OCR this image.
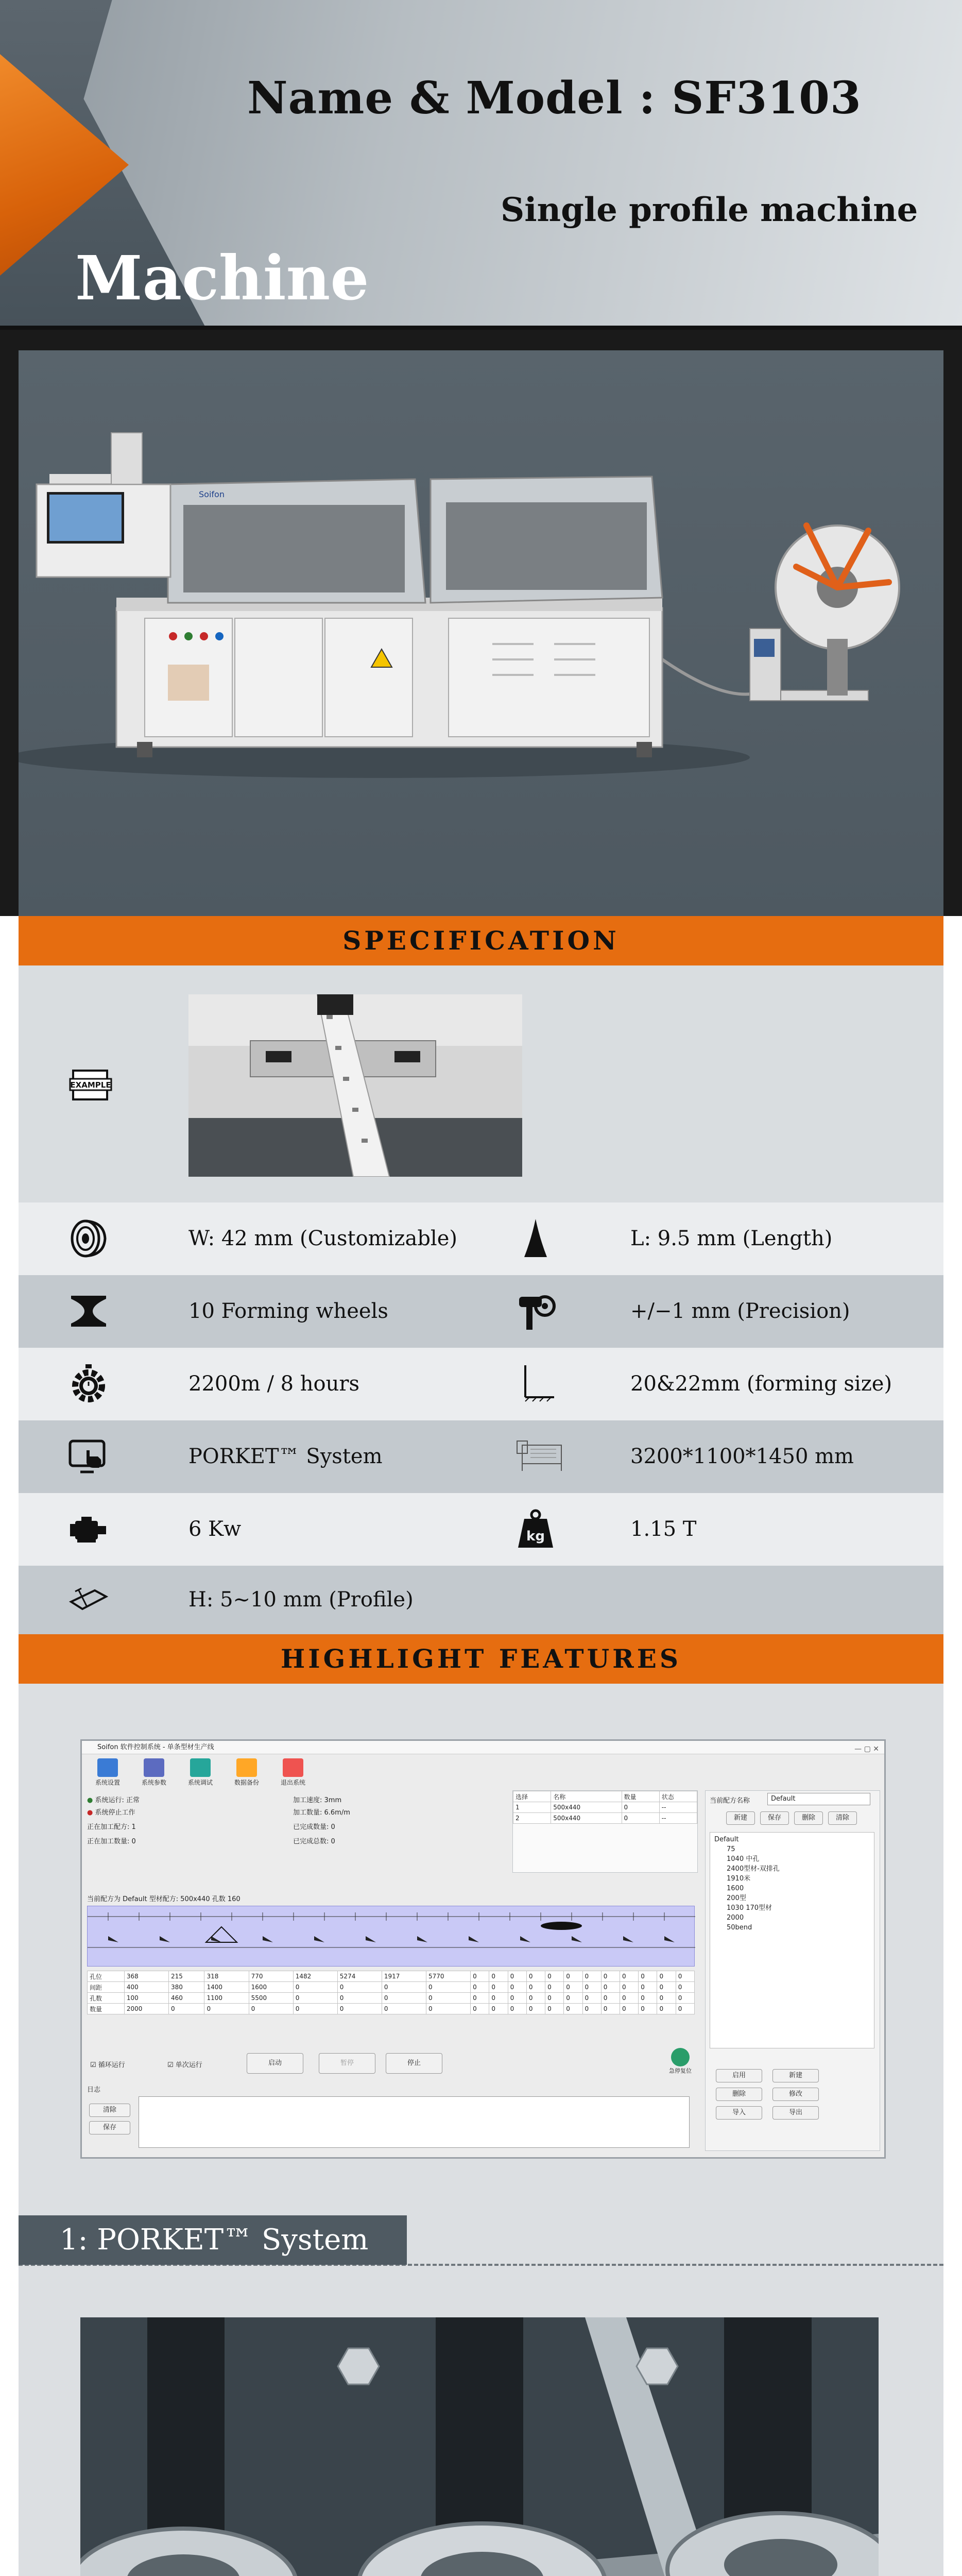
Name & Model : SF3103
Single profile machine
Machine
Soifon
SPECIFICATION
EXAMPLE
W: 42 mm (Customizable)	L: 9.5 mm (Length)
10 Forming wheels	+/−1 mm (Precision)
2200m / 8 hours	20&22mm (forming size)
PORKET™ System	3200*1100*1450 mm
6 Kw	kg	1.15 T
H: 5~10 mm (Profile)
HIGHLIGHT FEATURES
Soifon 软件控制系统 - 单条型材生产线	— ▢ ✕
系统设置	系统参数	系统调试	数据备份	退出系统
● 系统运行: 正常
● 系统停止工作
正在加工配方: 1
正在加工数量: 0
加工速度: 3mm
加工数量: 6.6m/m
已完成数量: 0
已完成总数: 0
选择	名称	数量	状态
1	500x440	0	--
2	500x440	0	--
当前配方名称	Default
新建	保存	删除	清除
Default
75
1040 中孔
2400型材-双排孔
1910米
1600
200型
1030 170型材
2000
50bend
启用	新建
删除	修改
导入	导出
当前配方为 Default 型材配方: 500x440 孔数 160
孔位	368	215	318	770	1482	5274	1917	5770	0	0	0	0	0	0	0	0	0	0	0	0
间距	400	380	1400	1600	0	0	0	0	0	0	0	0	0	0	0	0	0	0	0	0
孔数	100	460	1100	5500	0	0	0	0	0	0	0	0	0	0	0	0	0	0	0	0
数量	2000	0	0	0	0	0	0	0	0	0	0	0	0	0	0	0	0	0	0	0
☑ 循环运行	☑ 单次运行	启动	暂停	停止
急停复位
日志
清除
保存
1: PORKET™ System
